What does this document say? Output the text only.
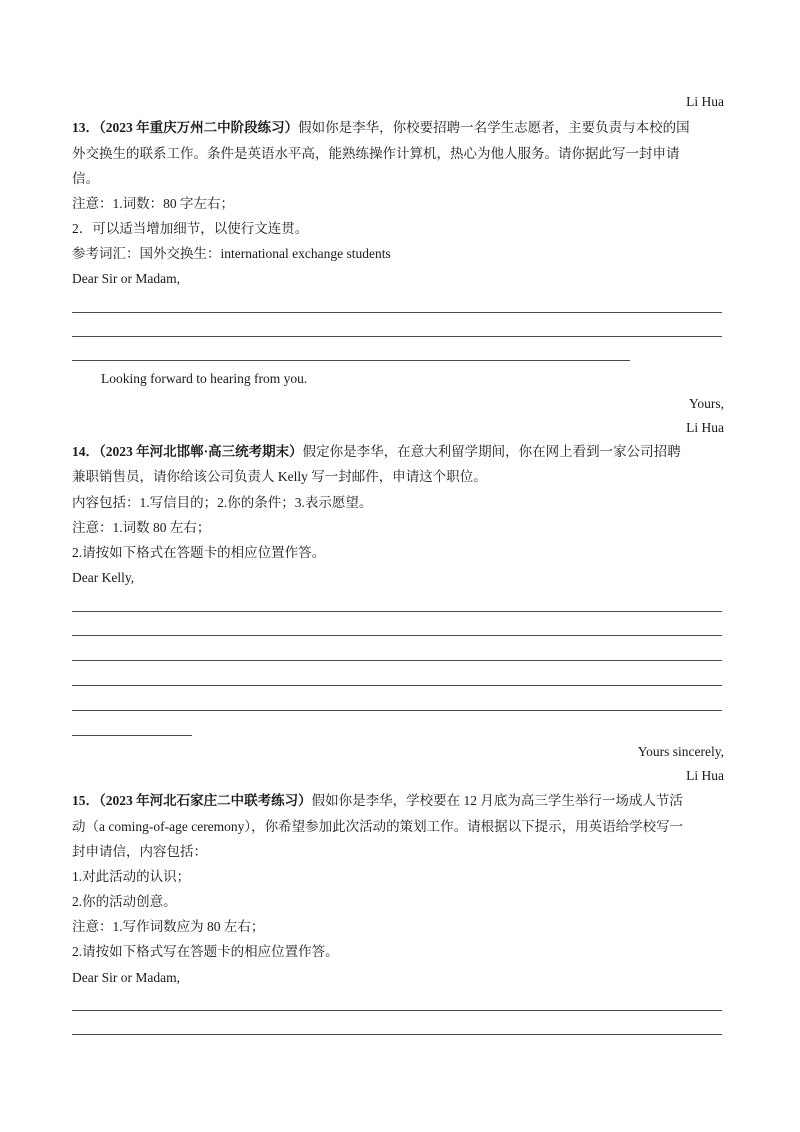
Li Hua
13．（2023 年重庆万州二中阶段练习）假如你是李华，你校要招聘一名学生志愿者，主要负责与本校的国
外交换生的联系工作。条件是英语水平高，能熟练操作计算机，热心为他人服务。请你据此写一封申请
信。
注意：1.词数：80 字左右；
2．可以适当增加细节，以使行文连贯。
参考词汇：国外交换生：international exchange students
Dear Sir or Madam,
Looking forward to hearing from you.
Yours,
Li Hua
14．（2023 年河北邯郸·高三统考期末）假定你是李华，在意大利留学期间，你在网上看到一家公司招聘
兼职销售员，请你给该公司负责人 Kelly 写一封邮件，申请这个职位。
内容包括：1.写信目的；2.你的条件；3.表示愿望。
注意：1.词数 80 左右；
2.请按如下格式在答题卡的相应位置作答。
Dear Kelly,
Yours sincerely,
Li Hua
15．（2023 年河北石家庄二中联考练习）假如你是李华，学校要在 12 月底为高三学生举行一场成人节活
动（a coming-of-age ceremony），你希望参加此次活动的策划工作。请根据以下提示，用英语给学校写一
封申请信，内容包括：
1.对此活动的认识；
2.你的活动创意。
注意：1.写作词数应为 80 左右；
2.请按如下格式写在答题卡的相应位置作答。
Dear Sir or Madam,
